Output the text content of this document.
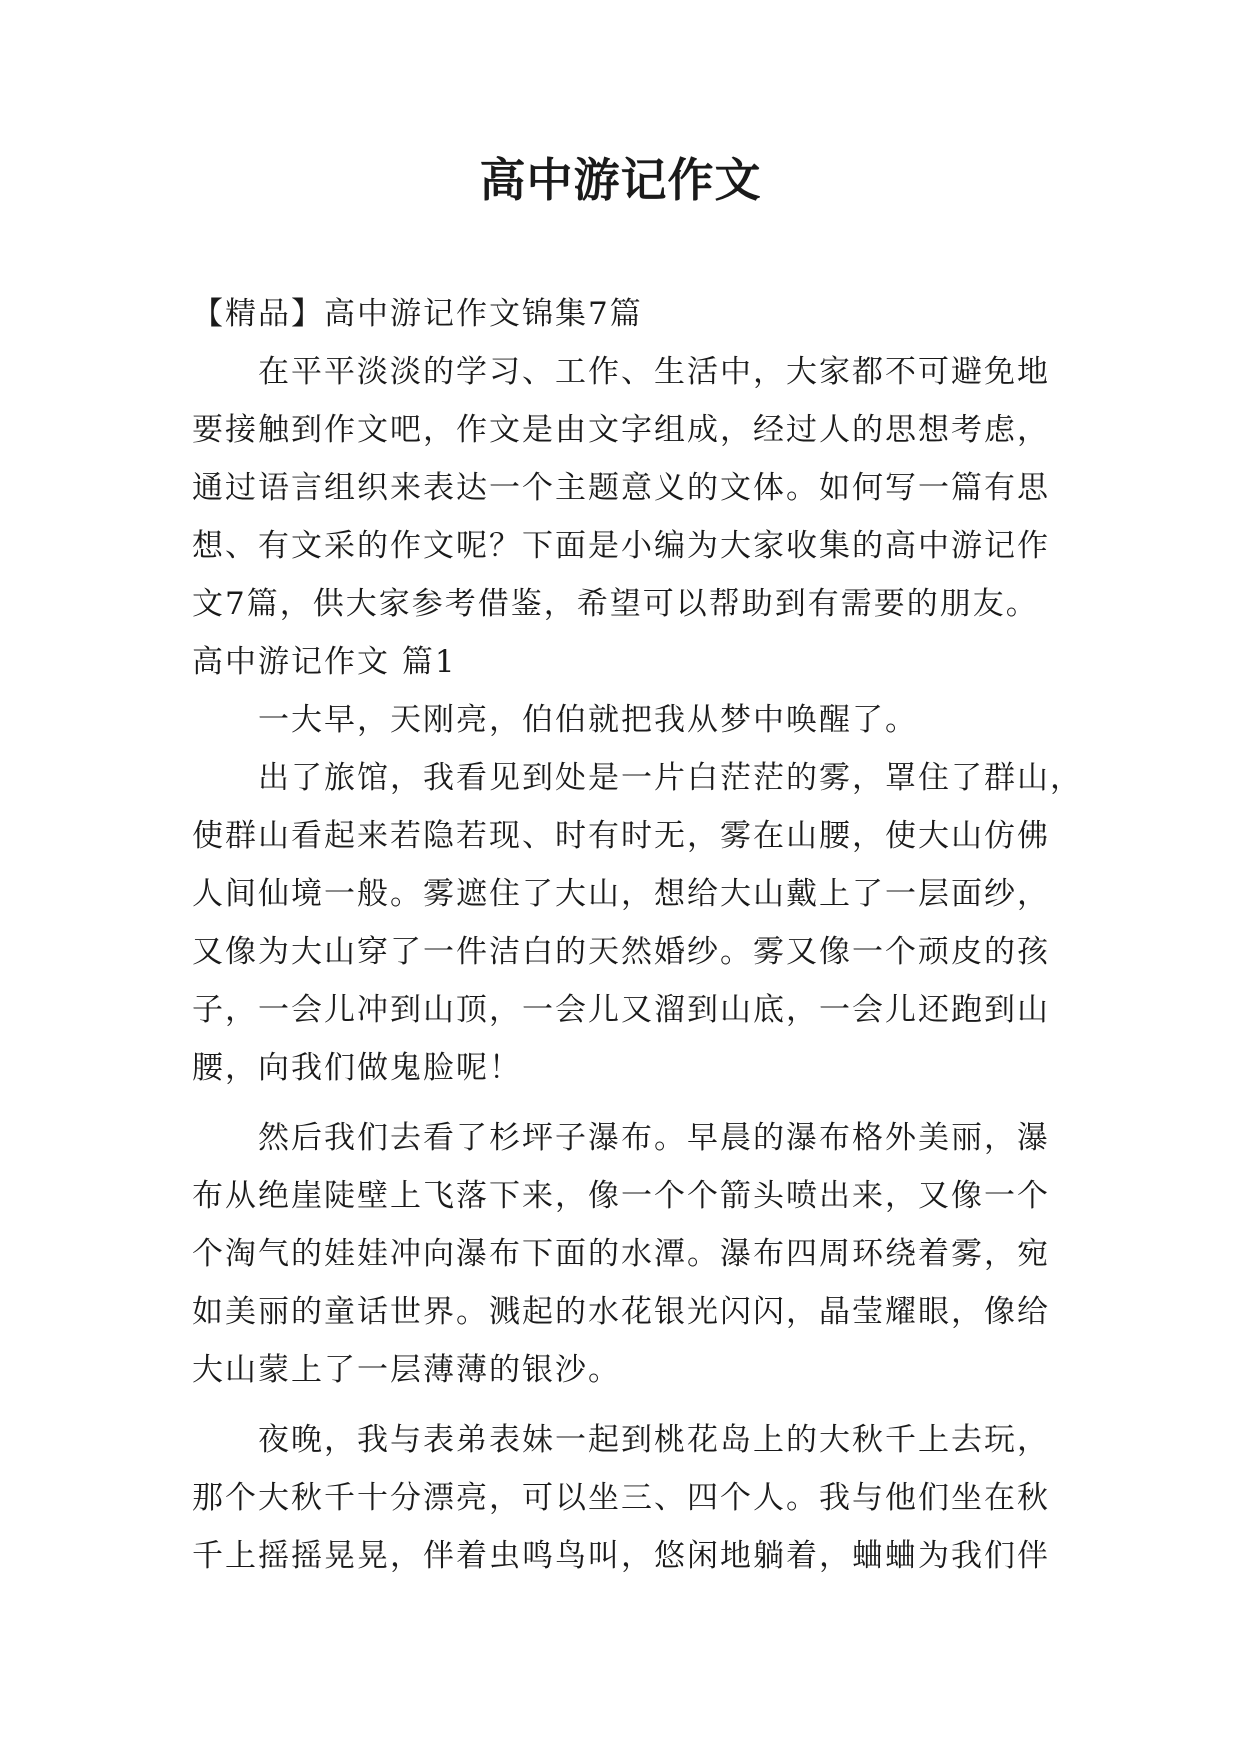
高中游记作文
【精品】高中游记作文锦集7篇
在平平淡淡的学习、工作、生活中，大家都不可避免地
要接触到作文吧，作文是由文字组成，经过人的思想考虑，
通过语言组织来表达一个主题意义的文体。如何写一篇有思
想、有文采的作文呢？下面是小编为大家收集的高中游记作
文7篇，供大家参考借鉴，希望可以帮助到有需要的朋友。
高中游记作文 篇1
一大早，天刚亮，伯伯就把我从梦中唤醒了。
出了旅馆，我看见到处是一片白茫茫的雾，罩住了群山，
使群山看起来若隐若现、时有时无，雾在山腰，使大山仿佛
人间仙境一般。雾遮住了大山，想给大山戴上了一层面纱，
又像为大山穿了一件洁白的天然婚纱。雾又像一个顽皮的孩
子，一会儿冲到山顶，一会儿又溜到山底，一会儿还跑到山
腰，向我们做鬼脸呢！
然后我们去看了杉坪子瀑布。早晨的瀑布格外美丽，瀑
布从绝崖陡壁上飞落下来，像一个个箭头喷出来，又像一个
个淘气的娃娃冲向瀑布下面的水潭。瀑布四周环绕着雾，宛
如美丽的童话世界。溅起的水花银光闪闪，晶莹耀眼，像给
大山蒙上了一层薄薄的银沙。
夜晚，我与表弟表妹一起到桃花岛上的大秋千上去玩，
那个大秋千十分漂亮，可以坐三、四个人。我与他们坐在秋
千上摇摇晃晃，伴着虫鸣鸟叫，悠闲地躺着，蛐蛐为我们伴
